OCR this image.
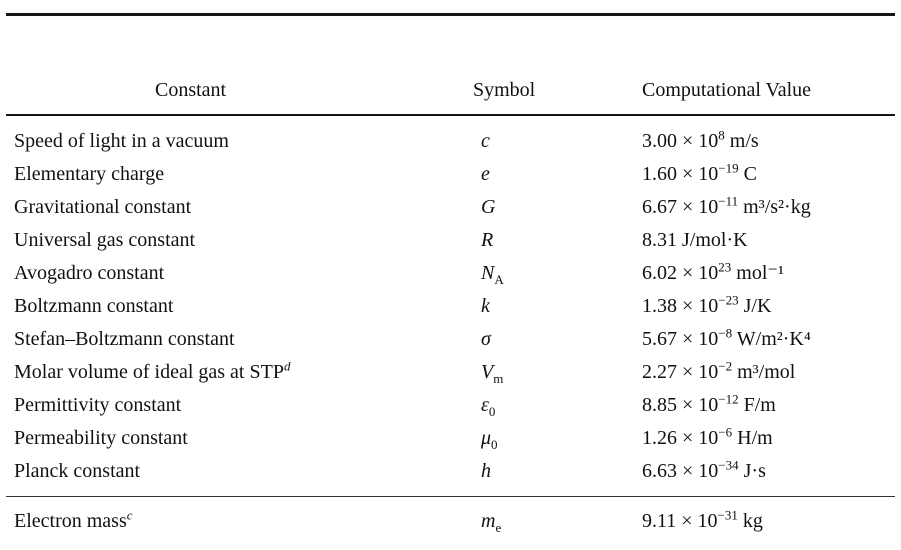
Constant	Symbol	Computational Value
Speed of light in a vacuum	c	$3.00 \times 10^8$ m/s
Elementary charge	e	$1.60 \times 10^{-19}$ C
Gravitational constant	G	$6.67 \times 10^{-11}$ m³/s²·kg
Universal gas constant	R	8.31 J/mol·K
Avogadro constant	$N_A$	$6.02 \times 10^{23}$ mol⁻¹
Boltzmann constant	k	$1.38 \times 10^{-23}$ J/K
Stefan–Boltzmann constant	σ	$5.67 \times 10^{-8}$ W/m²·K⁴
Molar volume of ideal gas at STP$^d$	$V_m$	$2.27 \times 10^{-2}$ m³/mol
Permittivity constant	$\varepsilon_0$	$8.85 \times 10^{-12}$ F/m
Permeability constant	$\mu_0$	$1.26 \times 10^{-6}$ H/m
Planck constant	h	$6.63 \times 10^{-34}$ J·s
Electron mass$^c$	$m_e$	$9.11 \times 10^{-31}$ kg
